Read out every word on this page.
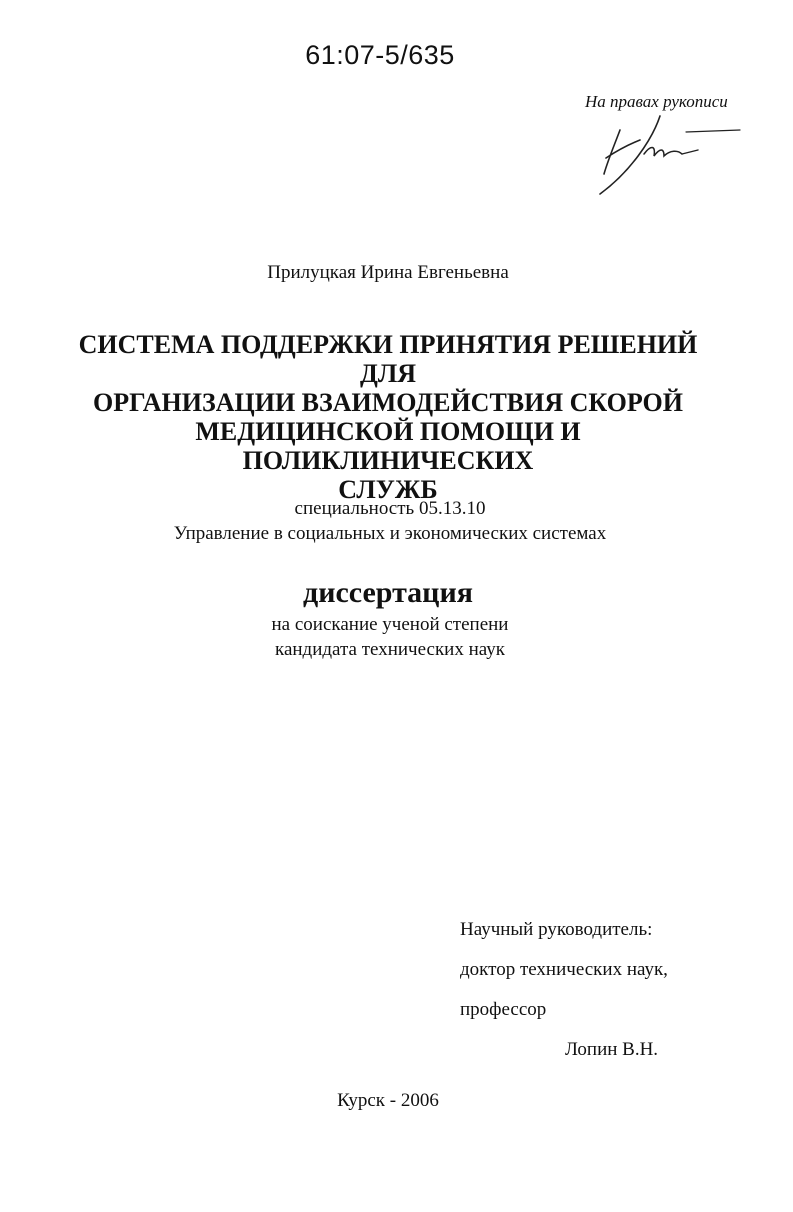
61:07-5/635
На правах рукописи
Прилуцкая Ирина Евгеньевна
СИСТЕМА ПОДДЕРЖКИ ПРИНЯТИЯ РЕШЕНИЙ ДЛЯ
ОРГАНИЗАЦИИ ВЗАИМОДЕЙСТВИЯ СКОРОЙ
МЕДИЦИНСКОЙ ПОМОЩИ И ПОЛИКЛИНИЧЕСКИХ
СЛУЖБ
специальность 05.13.10
Управление в социальных и экономических системах
диссертация
на соискание ученой степени
кандидата технических наук
Научный руководитель:
доктор технических наук,
профессор
Лопин В.Н.
Курск - 2006
